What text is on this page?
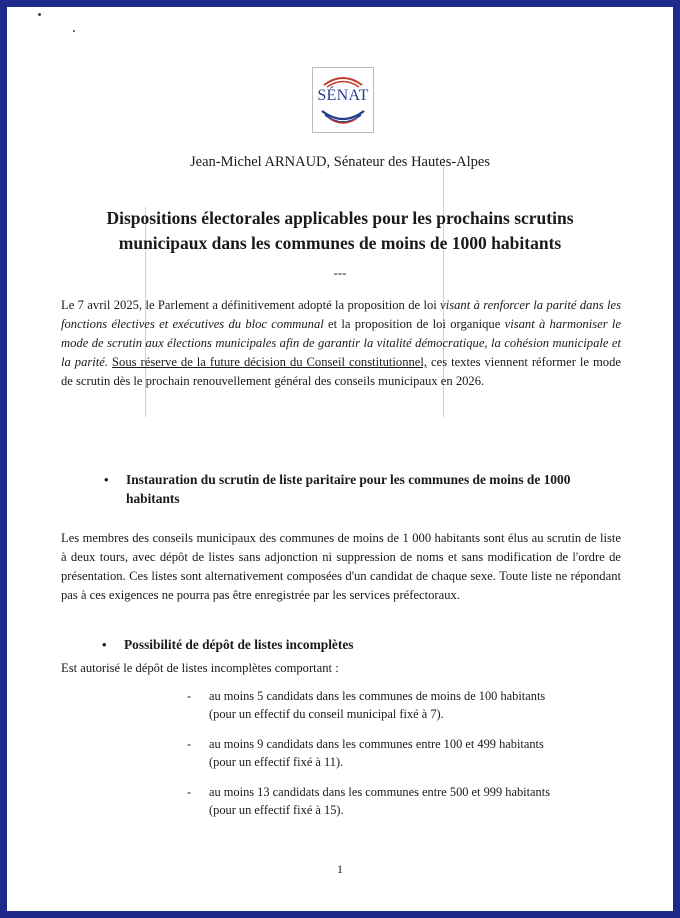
SÉNAT
Jean-Michel ARNAUD, Sénateur des Hautes-Alpes
Dispositions électorales applicables pour les prochains scrutins
municipaux dans les communes de moins de 1000 habitants
---
Le 7 avril 2025, le Parlement a définitivement adopté la proposition de loi visant à renforcer la parité dans les fonctions électives et exécutives du bloc communal et la proposition de loi organique visant à harmoniser le mode de scrutin aux élections municipales afin de garantir la vitalité démocratique, la cohésion municipale et la parité. Sous réserve de la future décision du Conseil constitutionnel, ces textes viennent réformer le mode de scrutin dès le prochain renouvellement général des conseils municipaux en 2026.
• Instauration du scrutin de liste paritaire pour les communes de moins de 1000 habitants
Les membres des conseils municipaux des communes de moins de 1 000 habitants sont élus au scrutin de liste à deux tours, avec dépôt de listes sans adjonction ni suppression de noms et sans modification de l'ordre de présentation. Ces listes sont alternativement composées d'un candidat de chaque sexe. Toute liste ne répondant pas à ces exigences ne pourra pas être enregistrée par les services préfectoraux.
• Possibilité de dépôt de listes incomplètes
Est autorisé le dépôt de listes incomplètes comportant :
- au moins 5 candidats dans les communes de moins de 100 habitants
(pour un effectif du conseil municipal fixé à 7).
- au moins 9 candidats dans les communes entre 100 et 499 habitants
(pour un effectif fixé à 11).
- au moins 13 candidats dans les communes entre 500 et 999 habitants
(pour un effectif fixé à 15).
1
